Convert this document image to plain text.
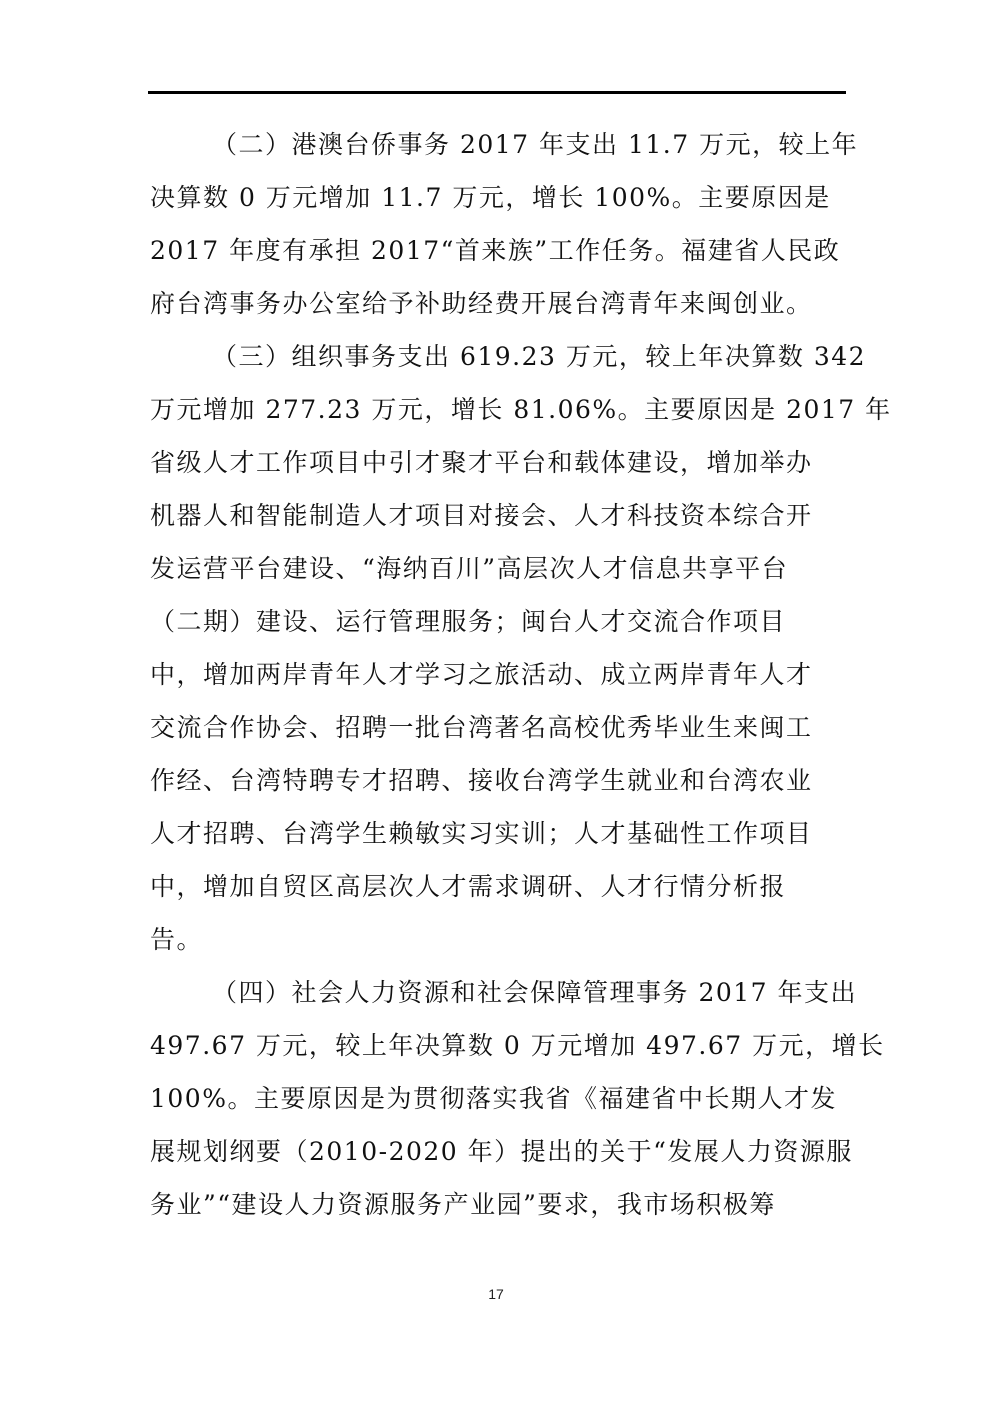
（二）港澳台侨事务 2017 年支出 11.7 万元，较上年
决算数 0 万元增加 11.7 万元，增长 100%。主要原因是
2017 年度有承担 2017“首来族”工作任务。福建省人民政
府台湾事务办公室给予补助经费开展台湾青年来闽创业。
（三）组织事务支出 619.23 万元，较上年决算数 342
万元增加 277.23 万元，增长 81.06%。主要原因是 2017 年
省级人才工作项目中引才聚才平台和载体建设，增加举办
机器人和智能制造人才项目对接会、人才科技资本综合开
发运营平台建设、“海纳百川”高层次人才信息共享平台
（二期）建设、运行管理服务；闽台人才交流合作项目
中，增加两岸青年人才学习之旅活动、成立两岸青年人才
交流合作协会、招聘一批台湾著名高校优秀毕业生来闽工
作经、台湾特聘专才招聘、接收台湾学生就业和台湾农业
人才招聘、台湾学生赖敏实习实训；人才基础性工作项目
中，增加自贸区高层次人才需求调研、人才行情分析报
告。
（四）社会人力资源和社会保障管理事务 2017 年支出
497.67 万元，较上年决算数 0 万元增加 497.67 万元，增长
100%。主要原因是为贯彻落实我省《福建省中长期人才发
展规划纲要（2010-2020 年）提出的关于“发展人力资源服
务业”“建设人力资源服务产业园”要求，我市场积极筹
17
